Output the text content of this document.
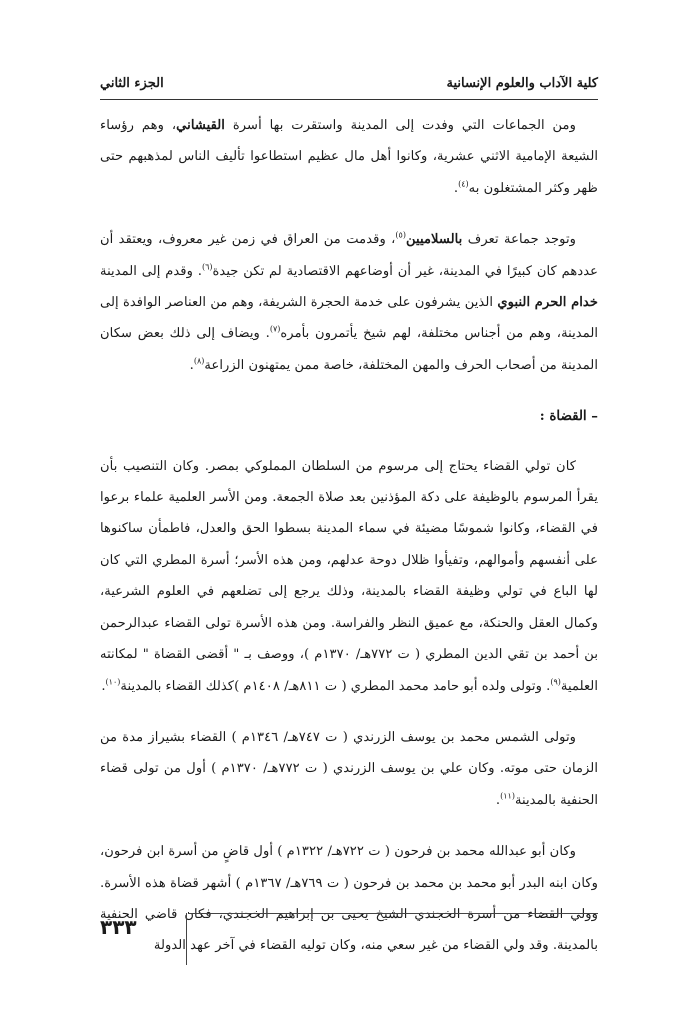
كلية الآداب والعلوم الإنسانية
الجزء الثاني

ومن الجماعات التي وفدت إلى المدينة واستقرت بها أسرة القيشاني، وهم رؤساء الشيعة الإمامية الاثني عشرية، وكانوا أهل مال عظيم استطاعوا تأليف الناس لمذهبهم حتى ظهر وكثر المشتغلون به$^{(٤)}$.

وتوجد جماعة تعرف بالسلاميين$^{(٥)}$، وقدمت من العراق في زمن غير معروف، ويعتقد أن عددهم كان كبيرًا في المدينة، غير أن أوضاعهم الاقتصادية لم تكن جيدة$^{(٦)}$. وقدم إلى المدينة خدام الحرم النبوي الذين يشرفون على خدمة الحجرة الشريفة، وهم من العناصر الوافدة إلى المدينة، وهم من أجناس مختلفة، لهم شيخ يأتمرون بأمره$^{(٧)}$. ويضاف إلى ذلك بعض سكان المدينة من أصحاب الحرف والمهن المختلفة، خاصة ممن يمتهنون الزراعة$^{(٨)}$.

– القضاة :

كان تولي القضاء يحتاج إلى مرسوم من السلطان المملوكي بمصر. وكان التنصيب بأن يقرأ المرسوم بالوظيفة على دكة المؤذنين بعد صلاة الجمعة. ومن الأسر العلمية علماء برعوا في القضاء، وكانوا شموسًا مضيئة في سماء المدينة بسطوا الحق والعدل، فاطمأن ساكنوها على أنفسهم وأموالهم، وتفيأوا ظلال دوحة عدلهم، ومن هذه الأسر؛ أسرة المطري التي كان لها الباع في تولي وظيفة القضاء بالمدينة، وذلك يرجع إلى تضلعهم في العلوم الشرعية، وكمال العقل والحنكة، مع عميق النظر والفراسة. ومن هذه الأسرة تولى القضاء عبدالرحمن بن أحمد بن تقي الدين المطري ( ت ٧٧٢هـ/ ١٣٧٠م )، ووصف بـ " أقضى القضاة " لمكانته العلمية$^{(٩)}$. وتولى ولده أبو حامد محمد المطري ( ت ٨١١هـ/ ١٤٠٨م )كذلك القضاء بالمدينة$^{(١٠)}$.

وتولى الشمس محمد بن يوسف الزرندي ( ت ٧٤٧هـ/ ١٣٤٦م ) القضاء بشيراز مدة من الزمان حتى موته. وكان علي بن يوسف الزرندي ( ت ٧٧٢هـ/ ١٣٧٠م ) أول من تولى قضاء الحنفية بالمدينة$^{(١١)}$.

وكان أبو عبدالله محمد بن فرحون ( ت ٧٢٢هـ/ ١٣٢٢م ) أول قاضٍ من أسرة ابن فرحون، وكان ابنه البدر أبو محمد بن محمد بن فرحون ( ت ٧٦٩هـ/ ١٣٦٧م ) أشهر قضاة هذه الأسرة. وولي القضاء من أسرة الخجندي الشيخ يحيى بن إبراهيم الخجندي، فكان قاضي الحنفية بالمدينة. وقد ولي القضاء من غير سعي منه، وكان توليه القضاء في آخر عهد الدولة

٣٣٣
